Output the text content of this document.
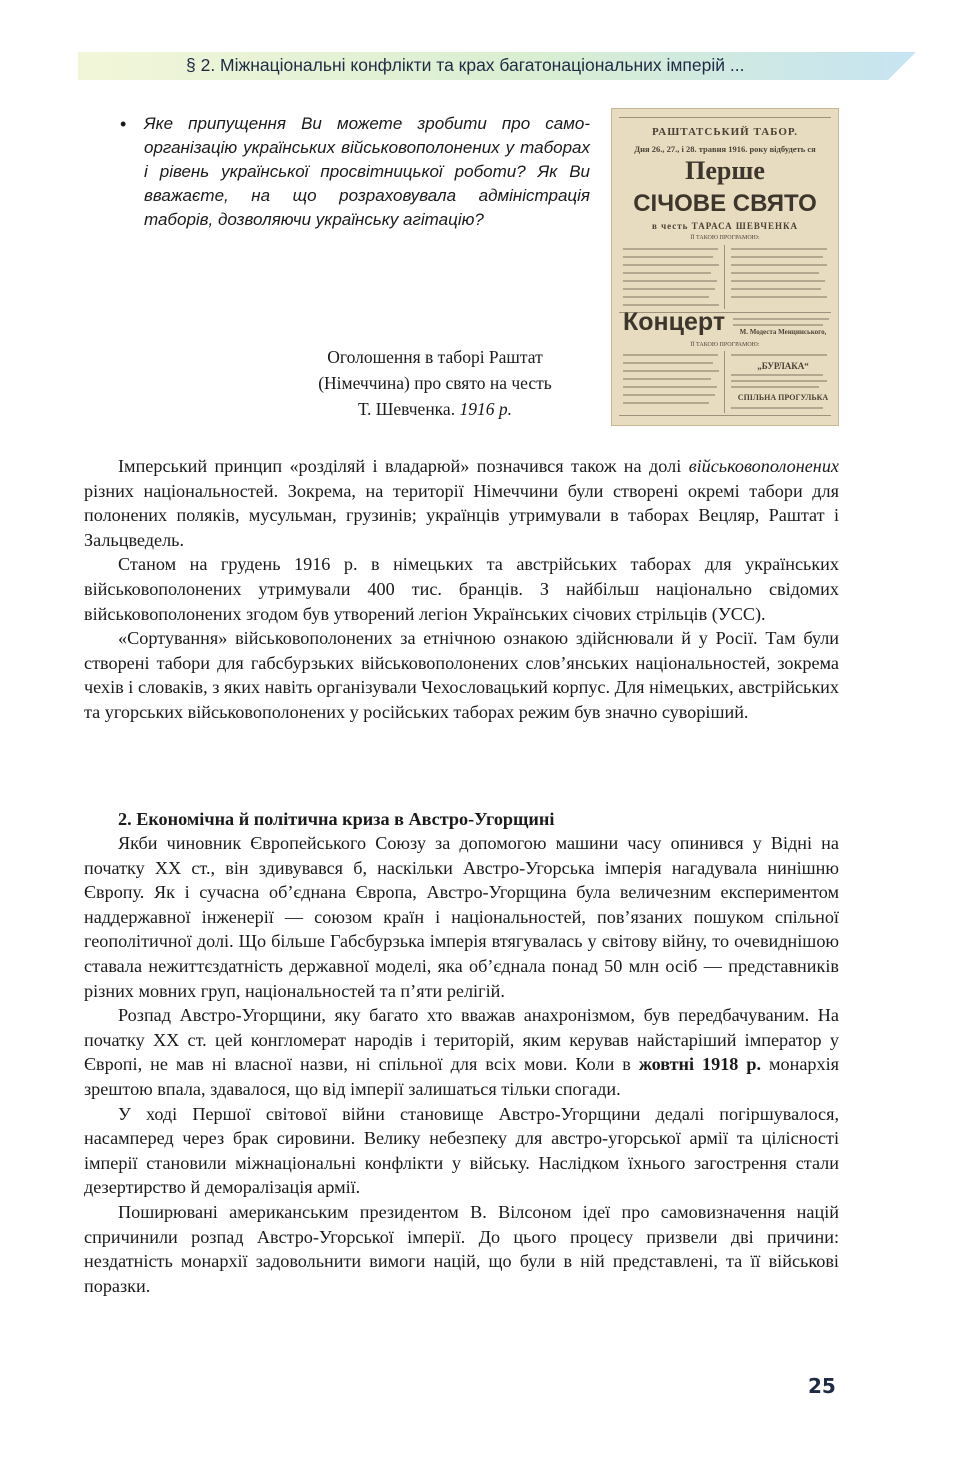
§ 2. Міжнаціональні конфлікти та крах багатонаціональних імперій ...
•	Яке припущення Ви можете зробити про самоорганізацію українських військовополонених у таборах і рівень української просвітницької роботи? Як Ви вважаєте, на що розраховувала адміністрація таборів, дозволяючи українську агітацію?
Оголошення в таборі Раштат
(Німеччина) про свято на честь
Т. Шевченка. 1916 р.
РАШТАТСЬКИЙ ТАБОР.
Дня 26., 27., і 28. травня 1916. року відбудеть ся
Перше
СІЧОВЕ СВЯТО
в честь ТАРАСА ШЕВЧЕНКА
ЇЇ ТАКОЮ ПРОГРАМОЮ:
Концерт	М. Модеста Менцинського,
ЇЇ ТАКОЮ ПРОГРАМОЮ:
„БУРЛАКА“
СПІЛЬНА ПРОГУЛЬКА

Імперський принцип «розділяй і владарюй» позначився також на долі військовополонених різних національностей. Зокрема, на території Німеччини були створені окремі табори для полонених поляків, мусульман, грузинів; українців утримували в таборах Вецляр, Раштат і Зальцведель.

Станом на грудень 1916 р. в німецьких та австрійських таборах для українських військовополонених утримували 400 тис. бранців. З найбільш національно свідомих військовополонених згодом був утворений легіон Українських січових стрільців (УСС).

«Сортування» військовополонених за етнічною ознакою здійснювали й у Росії. Там були створені табори для габсбурзьких військовополонених слов’янських національностей, зокрема чехів і словаків, з яких навіть організували Чехословацький корпус. Для німецьких, австрійських та угорських військовополонених у російських таборах режим був значно суворіший.

2. Економічна й політична криза в Австро-Угорщині

Якби чиновник Європейського Союзу за допомогою машини часу опинився у Відні на початку ХХ ст., він здивувався б, наскільки Австро-Угорська імперія нагадувала нинішню Європу. Як і сучасна об’єднана Європа, Австро-Угорщина була величезним експериментом наддержавної інженерії — союзом країн і національностей, пов’язаних пошуком спільної геополітичної долі. Що більше Габсбурзька імперія втягувалась у світову війну, то очевиднішою ставала нежиттєздатність державної моделі, яка об’єднала понад 50 млн осіб — представників різних мовних груп, національностей та п’яти релігій.

Розпад Австро-Угорщини, яку багато хто вважав анахронізмом, був передбачуваним. На початку ХХ ст. цей конгломерат народів і територій, яким керував найстаріший імператор у Європі, не мав ні власної назви, ні спільної для всіх мови. Коли в жовтні 1918 р. монархія зрештою впала, здавалося, що від імперії залишаться тільки спогади.

У ході Першої світової війни становище Австро-Угорщини дедалі погіршувалося, насамперед через брак сировини. Велику небезпеку для австро-угорської армії та цілісності імперії становили міжнаціональні конфлікти у війську. Наслідком їхнього загострення стали дезертирство й деморалізація армії.

Поширювані американським президентом В. Вілсоном ідеї про самовизначення націй спричинили розпад Австро-Угорської імперії. До цього процесу призвели дві причини: нездатність монархії задовольнити вимоги націй, що були в ній представлені, та її військові поразки.

25
